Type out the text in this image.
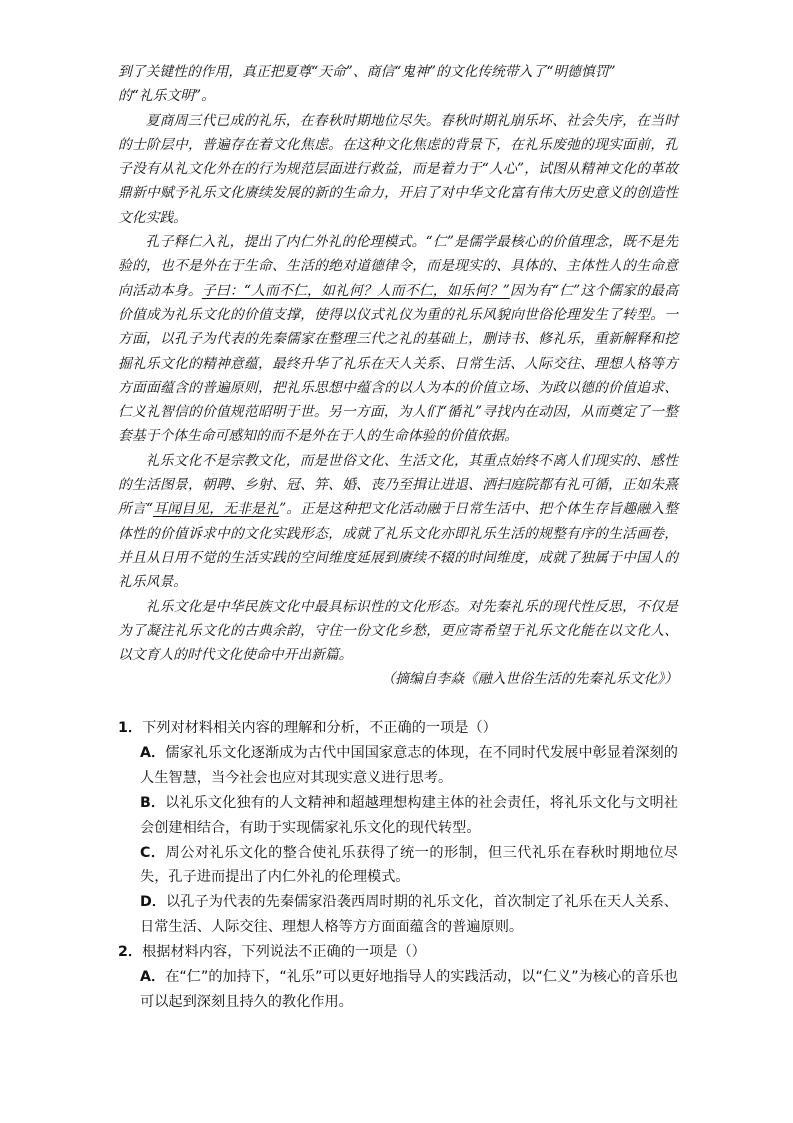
到了关键性的作用，真正把夏尊“天命”、商信“鬼神”的文化传统带入了“明德慎罚”
的“礼乐文明”。

夏商周三代已成的礼乐，在春秋时期地位尽失。春秋时期礼崩乐坏、社会失序，在当时的士阶层中，普遍存在着文化焦虑。在这种文化焦虑的背景下，在礼乐废弛的现实面前，孔子没有从礼文化外在的行为规范层面进行救益，而是着力于“人心”，试图从精神文化的革故鼎新中赋予礼乐文化赓续发展的新的生命力，开启了对中华文化富有伟大历史意义的创造性文化实践。

孔子释仁入礼，提出了内仁外礼的伦理模式。“仁”是儒学最核心的价值理念，既不是先验的，也不是外在于生命、生活的绝对道德律令，而是现实的、具体的、主体性人的生命意向活动本身。子曰：“人而不仁，如礼何？人而不仁，如乐何？”因为有“仁”这个儒家的最高价值成为礼乐文化的价值支撑，使得以仪式礼仪为重的礼乐风貌向世俗伦理发生了转型。一方面，以孔子为代表的先秦儒家在整理三代之礼的基础上，删诗书、修礼乐，重新解释和挖掘礼乐文化的精神意蕴，最终升华了礼乐在天人关系、日常生活、人际交往、理想人格等方方面面蕴含的普遍原则，把礼乐思想中蕴含的以人为本的价值立场、为政以德的价值追求、仁义礼智信的价值规范昭明于世。另一方面，为人们“循礼”寻找内在动因，从而奠定了一整套基于个体生命可感知的而不是外在于人的生命体验的价值依据。

礼乐文化不是宗教文化，而是世俗文化、生活文化，其重点始终不离人们现实的、感性的生活图景，朝聘、乡射、冠、笄、婚、丧乃至揖让进退、洒扫庭院都有礼可循，正如朱熹所言“耳闻目见，无非是礼”。正是这种把文化活动融于日常生活中、把个体生存旨趣融入整体性的价值诉求中的文化实践形态，成就了礼乐文化亦即礼乐生活的规整有序的生活画卷，并且从日用不觉的生活实践的空间维度延展到赓续不辍的时间维度，成就了独属于中国人的礼乐风景。

礼乐文化是中华民族文化中最具标识性的文化形态。对先秦礼乐的现代性反思，不仅是为了凝注礼乐文化的古典余韵，守住一份文化乡愁，更应寄希望于礼乐文化能在以文化人、以文育人的时代文化使命中开出新篇。

（摘编自李焱《融入世俗生活的先秦礼乐文化》）

1．下列对材料相关内容的理解和分析，不正确的一项是（）

A．儒家礼乐文化逐渐成为古代中国国家意志的体现，在不同时代发展中彰显着深刻的人生智慧，当今社会也应对其现实意义进行思考。

B．以礼乐文化独有的人文精神和超越理想构建主体的社会责任，将礼乐文化与文明社会创建相结合，有助于实现儒家礼乐文化的现代转型。

C．周公对礼乐文化的整合使礼乐获得了统一的形制，但三代礼乐在春秋时期地位尽失，孔子进而提出了内仁外礼的伦理模式。

D．以孔子为代表的先秦儒家沿袭西周时期的礼乐文化，首次制定了礼乐在天人关系、日常生活、人际交往、理想人格等方方面面蕴含的普遍原则。

2．根据材料内容，下列说法不正确的一项是（）

A．在“仁”的加持下，“礼乐”可以更好地指导人的实践活动，以“仁义”为核心的音乐也可以起到深刻且持久的教化作用。
